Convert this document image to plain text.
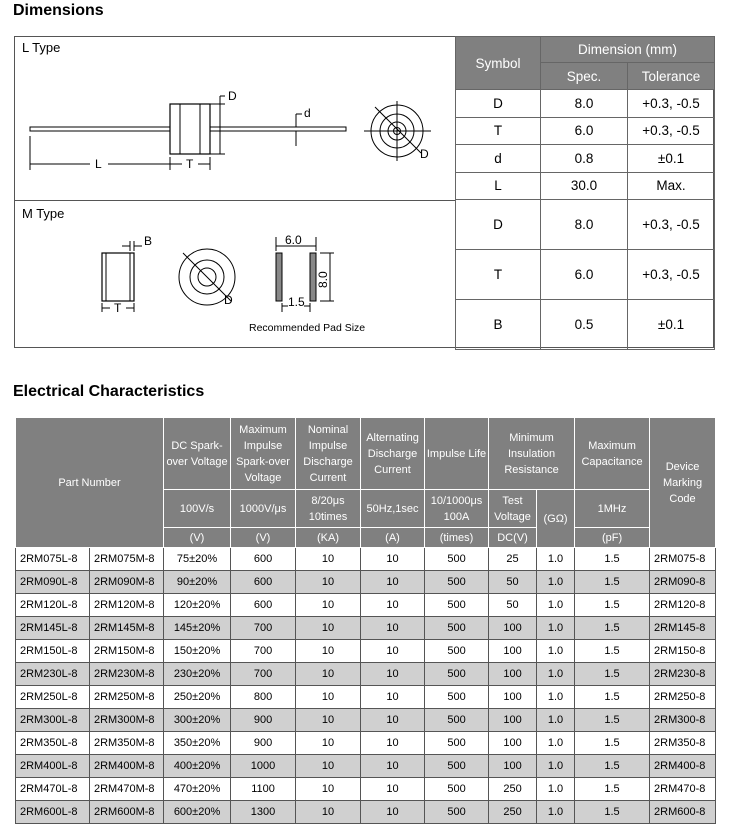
Dimensions
L Type
M Type
D
d
L	T
D
B
T
D
6.0
8.0
1.5
Recommended Pad Size
Symbol	Dimension (mm)	
	Spec.	Tolerance
D	8.0	+0.3, -0.5
T	6.0	+0.3, -0.5
d	0.8	±0.1
L	30.0	Max.
D	8.0	+0.3, -0.5
T	6.0	+0.3, -0.5
B	0.5	±0.1
Electrical Characteristics
Part Number		DC Spark-over Voltage	Maximum Impulse Spark-over Voltage	Nominal Impulse Discharge Current	Alternating Discharge Current	Impulse Life	Minimum Insulation Resistance		Maximum Capacitance	Device Marking Code
		100V/s	1000V/μs	8/20μs 10times	50Hz,1sec	10/1000μs 100A	Test Voltage	(GΩ)	1MHz	
		(V)	(V)	(KA)	(A)	(times)	DC(V)		(pF)	
2RM075L-8	2RM075M-8	75±20%	600	10	10	500	25	1.0	1.5	2RM075-8
2RM090L-8	2RM090M-8	90±20%	600	10	10	500	50	1.0	1.5	2RM090-8
2RM120L-8	2RM120M-8	120±20%	600	10	10	500	50	1.0	1.5	2RM120-8
2RM145L-8	2RM145M-8	145±20%	700	10	10	500	100	1.0	1.5	2RM145-8
2RM150L-8	2RM150M-8	150±20%	700	10	10	500	100	1.0	1.5	2RM150-8
2RM230L-8	2RM230M-8	230±20%	700	10	10	500	100	1.0	1.5	2RM230-8
2RM250L-8	2RM250M-8	250±20%	800	10	10	500	100	1.0	1.5	2RM250-8
2RM300L-8	2RM300M-8	300±20%	900	10	10	500	100	1.0	1.5	2RM300-8
2RM350L-8	2RM350M-8	350±20%	900	10	10	500	100	1.0	1.5	2RM350-8
2RM400L-8	2RM400M-8	400±20%	1000	10	10	500	100	1.0	1.5	2RM400-8
2RM470L-8	2RM470M-8	470±20%	1100	10	10	500	250	1.0	1.5	2RM470-8
2RM600L-8	2RM600M-8	600±20%	1300	10	10	500	250	1.0	1.5	2RM600-8
